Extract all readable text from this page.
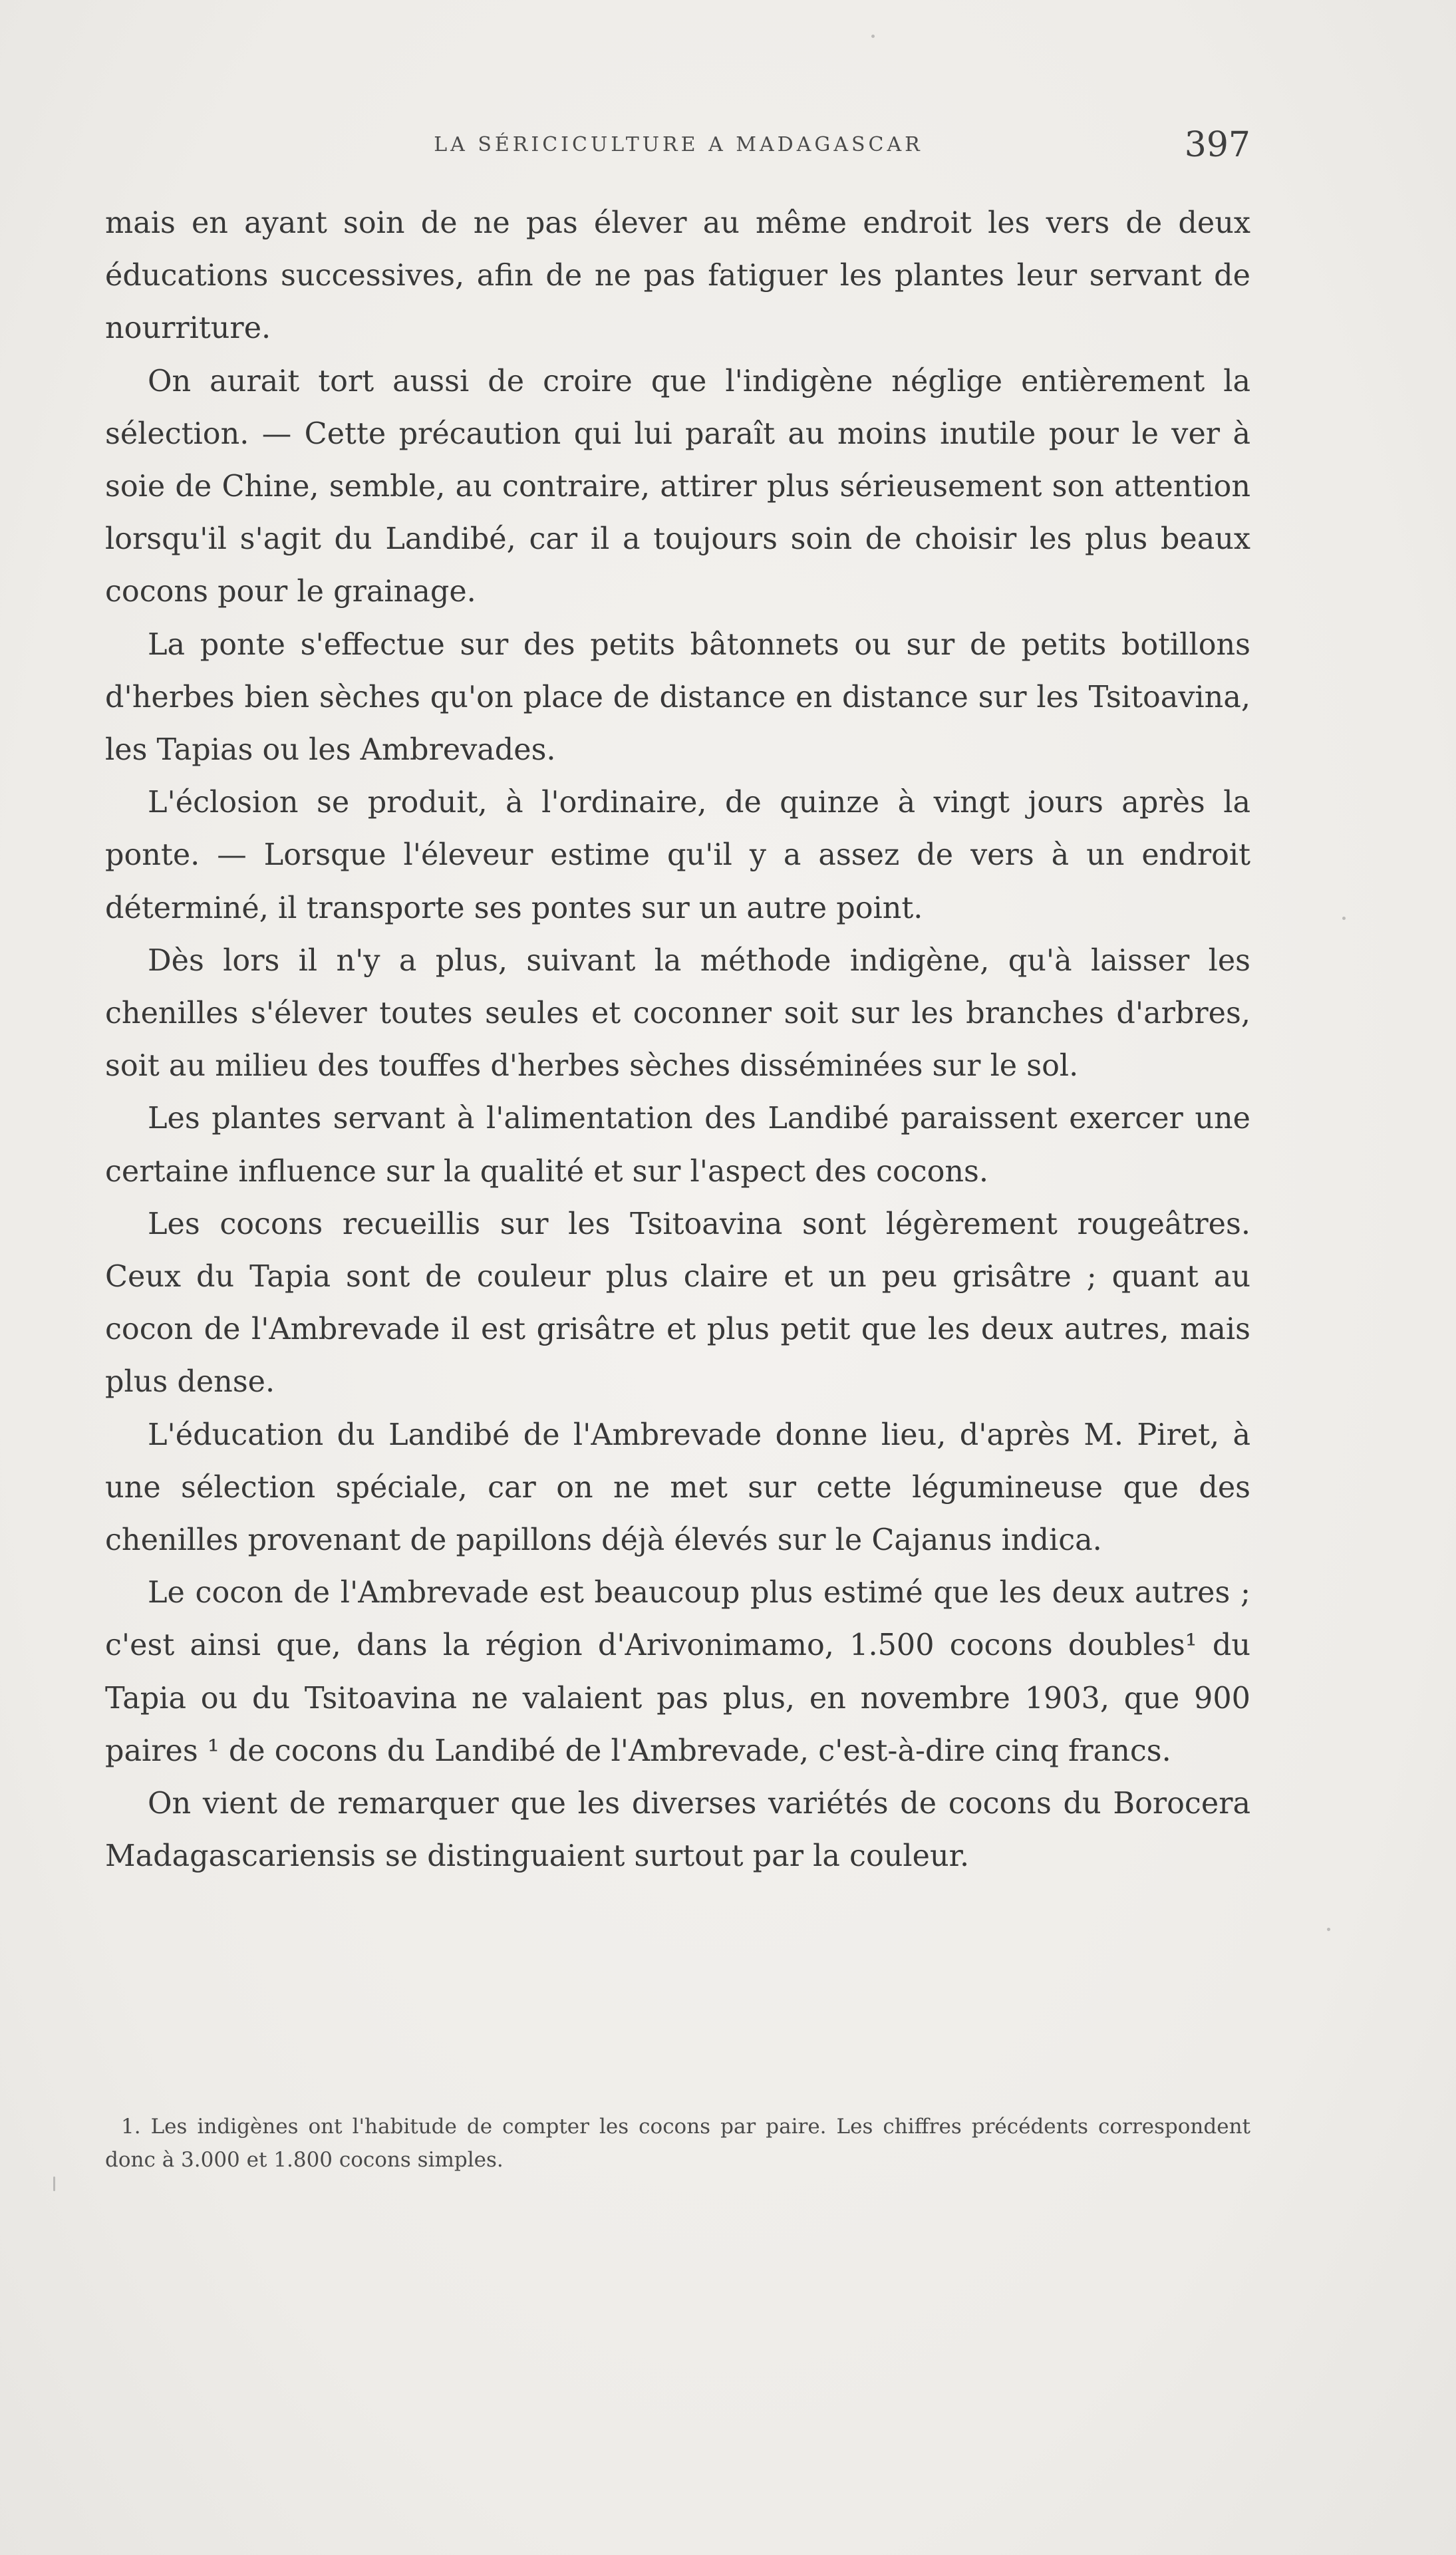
LA SÉRICICULTURE A MADAGASCAR	397

mais en ayant soin de ne pas élever au même endroit les vers de deux éducations successives, afin de ne pas fatiguer les plantes leur servant de nourriture.

On aurait tort aussi de croire que l'indigène néglige entièrement la sélection. — Cette précaution qui lui paraît au moins inutile pour le ver à soie de Chine, semble, au contraire, attirer plus sérieusement son attention lorsqu'il s'agit du Landibé, car il a toujours soin de choisir les plus beaux cocons pour le grainage.

La ponte s'effectue sur des petits bâtonnets ou sur de petits botillons d'herbes bien sèches qu'on place de distance en distance sur les Tsitoavina, les Tapias ou les Ambrevades.

L'éclosion se produit, à l'ordinaire, de quinze à vingt jours après la ponte. — Lorsque l'éleveur estime qu'il y a assez de vers à un endroit déterminé, il transporte ses pontes sur un autre point.

Dès lors il n'y a plus, suivant la méthode indigène, qu'à laisser les chenilles s'élever toutes seules et coconner soit sur les branches d'arbres, soit au milieu des touffes d'herbes sèches disséminées sur le sol.

Les plantes servant à l'alimentation des Landibé paraissent exercer une certaine influence sur la qualité et sur l'aspect des cocons.

Les cocons recueillis sur les Tsitoavina sont légèrement rougeâtres. Ceux du Tapia sont de couleur plus claire et un peu grisâtre ; quant au cocon de l'Ambrevade il est grisâtre et plus petit que les deux autres, mais plus dense.

L'éducation du Landibé de l'Ambrevade donne lieu, d'après M. Piret, à une sélection spéciale, car on ne met sur cette légumineuse que des chenilles provenant de papillons déjà élevés sur le Cajanus indica.

Le cocon de l'Ambrevade est beaucoup plus estimé que les deux autres ; c'est ainsi que, dans la région d'Arivonimamo, 1.500 cocons doubles¹ du Tapia ou du Tsitoavina ne valaient pas plus, en novembre 1903, que 900 paires ¹ de cocons du Landibé de l'Ambrevade, c'est-à-dire cinq francs.

On vient de remarquer que les diverses variétés de cocons du Borocera Madagascariensis se distinguaient surtout par la couleur.

1. Les indigènes ont l'habitude de compter les cocons par paire. Les chiffres précédents correspondent donc à 3.000 et 1.800 cocons simples.
